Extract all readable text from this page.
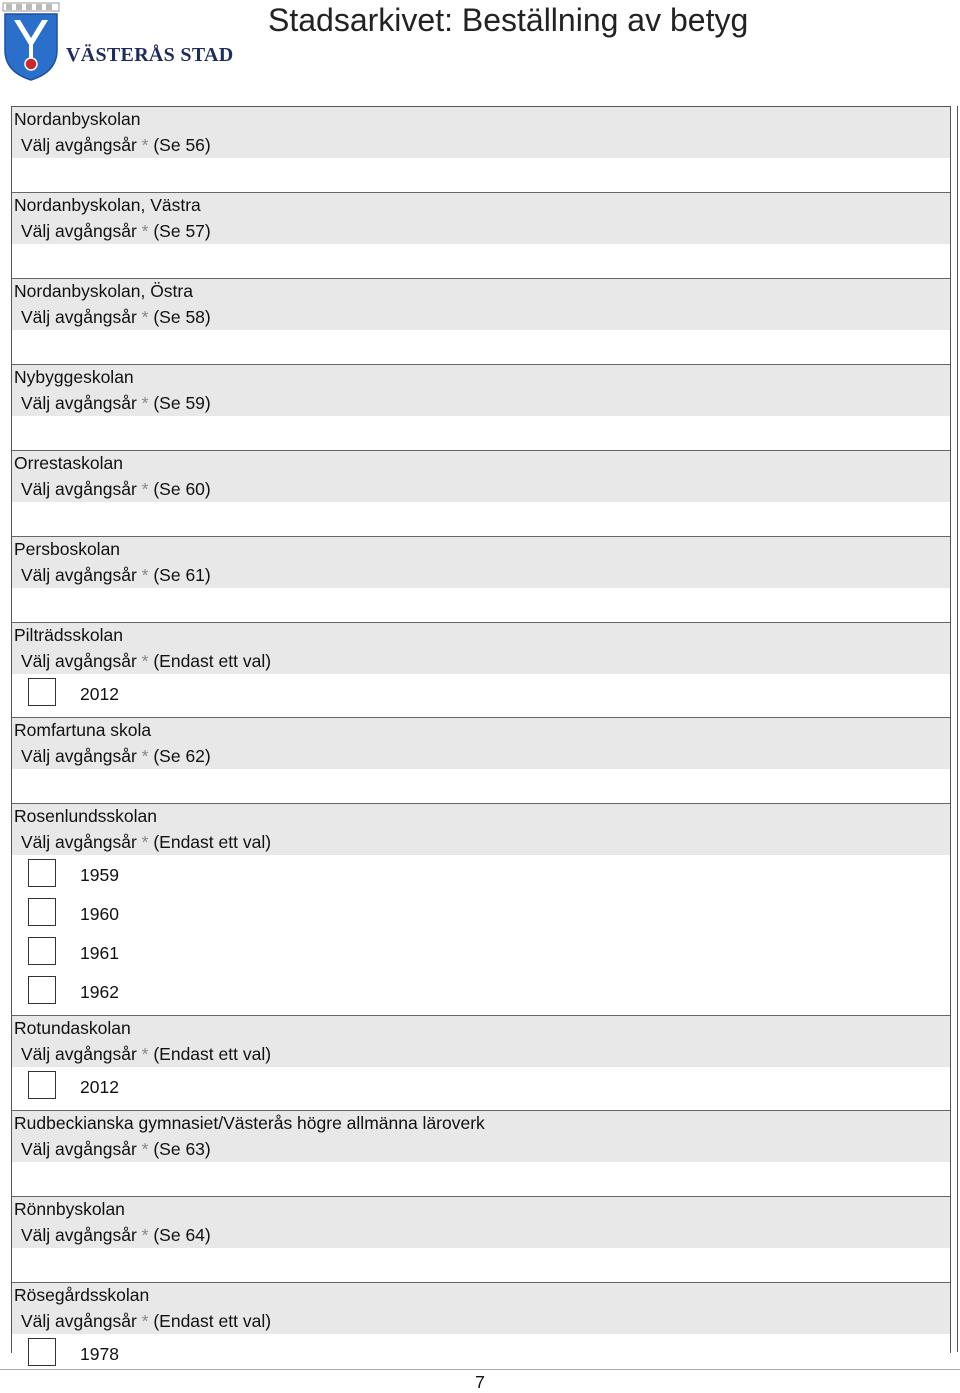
VÄSTERÅS STAD
Stadsarkivet: Beställning av betyg
Nordanbyskolan
Välj avgångsår * (Se 56)
Nordanbyskolan, Västra
Välj avgångsår * (Se 57)
Nordanbyskolan, Östra
Välj avgångsår * (Se 58)
Nybyggeskolan
Välj avgångsår * (Se 59)
Orrestaskolan
Välj avgångsår * (Se 60)
Persboskolan
Välj avgångsår * (Se 61)
Pilträdsskolan
Välj avgångsår * (Endast ett val)
2012
Romfartuna skola
Välj avgångsår * (Se 62)
Rosenlundsskolan
Välj avgångsår * (Endast ett val)
1959
1960
1961
1962
Rotundaskolan
Välj avgångsår * (Endast ett val)
2012
Rudbeckianska gymnasiet/Västerås högre allmänna läroverk
Välj avgångsår * (Se 63)
Rönnbyskolan
Välj avgångsår * (Se 64)
Rösegårdsskolan
Välj avgångsår * (Endast ett val)
1978
7
